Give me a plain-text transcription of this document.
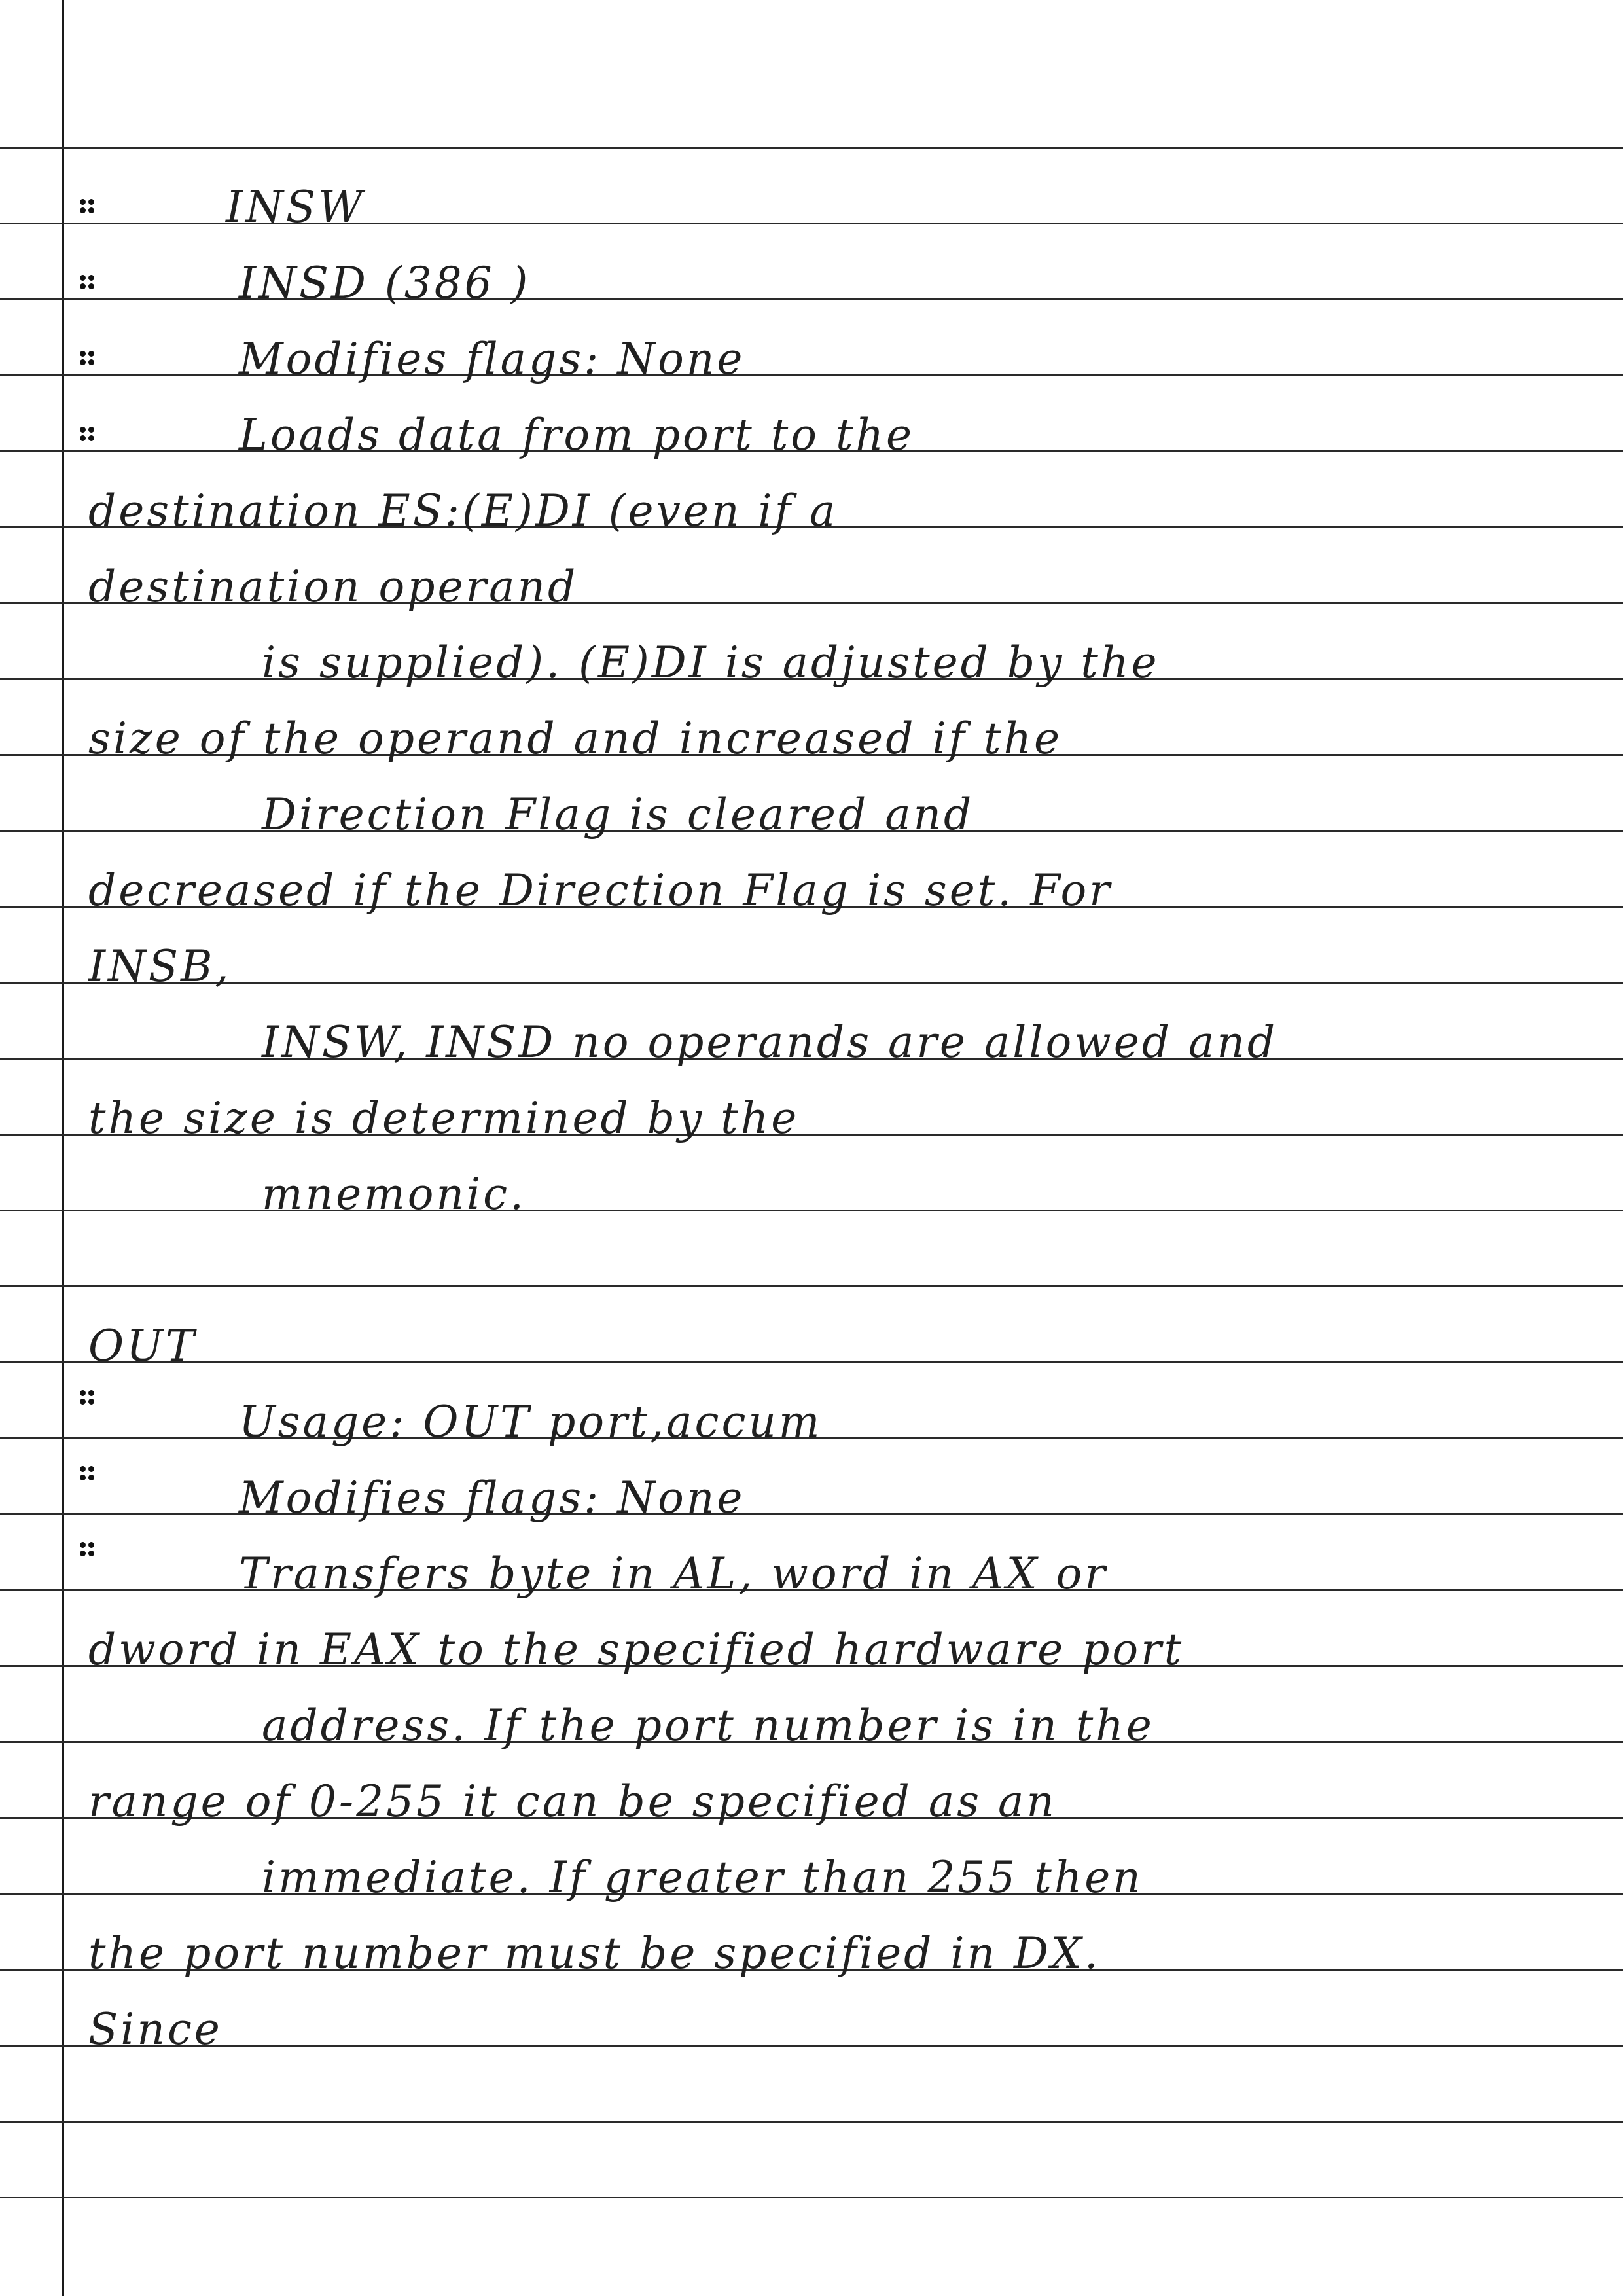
INSW
INSD (386 )
Modifies flags: None
Loads data from port to the
destination ES:(E)DI (even if a
destination operand
is supplied). (E)DI is adjusted by the
size of the operand and increased if the
Direction Flag is cleared and
decreased if the Direction Flag is set. For
INSB,
INSW, INSD no operands are allowed and
the size is determined by the
mnemonic.
OUT
Usage: OUT port,accum
Modifies flags: None
Transfers byte in AL, word in AX or
dword in EAX to the specified hardware port
address. If the port number is in the
range of 0-255 it can be specified as an
immediate. If greater than 255 then
the port number must be specified in DX.
Since
